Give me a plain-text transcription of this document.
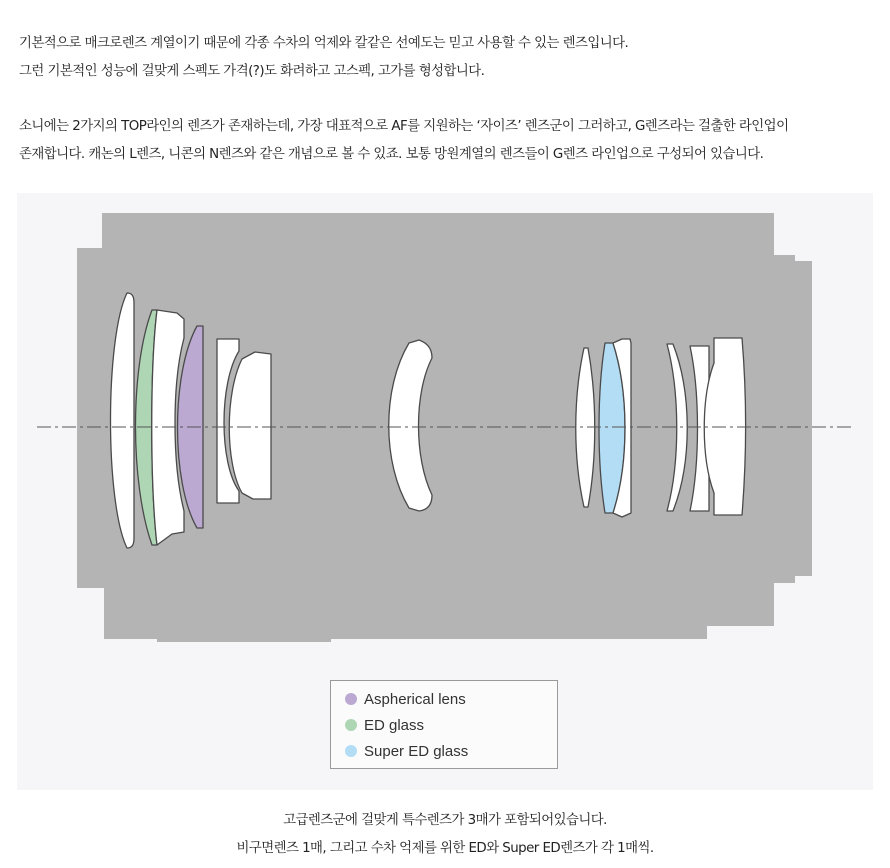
기본적으로 매크로렌즈 계열이기 때문에 각종 수차의 억제와 칼같은 선예도는 믿고 사용할 수 있는 렌즈입니다.

그런 기본적인 성능에 걸맞게 스펙도 가격(?)도 화려하고 고스펙, 고가를 형성합니다.

소니에는 2가지의 TOP라인의 렌즈가 존재하는데, 가장 대표적으로 AF를 지원하는 ‘자이즈’ 렌즈군이 그러하고, G렌즈라는 걸출한 라인업이

존재합니다. 캐논의 L렌즈, 니콘의 N렌즈와 같은 개념으로 볼 수 있죠. 보통 망원계열의 렌즈들이 G렌즈 라인업으로 구성되어 있습니다.

Aspherical lens
ED glass
Super ED glass
고급렌즈군에 걸맞게 특수렌즈가 3매가 포함되어있습니다.
비구면렌즈 1매, 그리고 수차 억제를 위한 ED와 Super ED렌즈가 각 1매씩.
